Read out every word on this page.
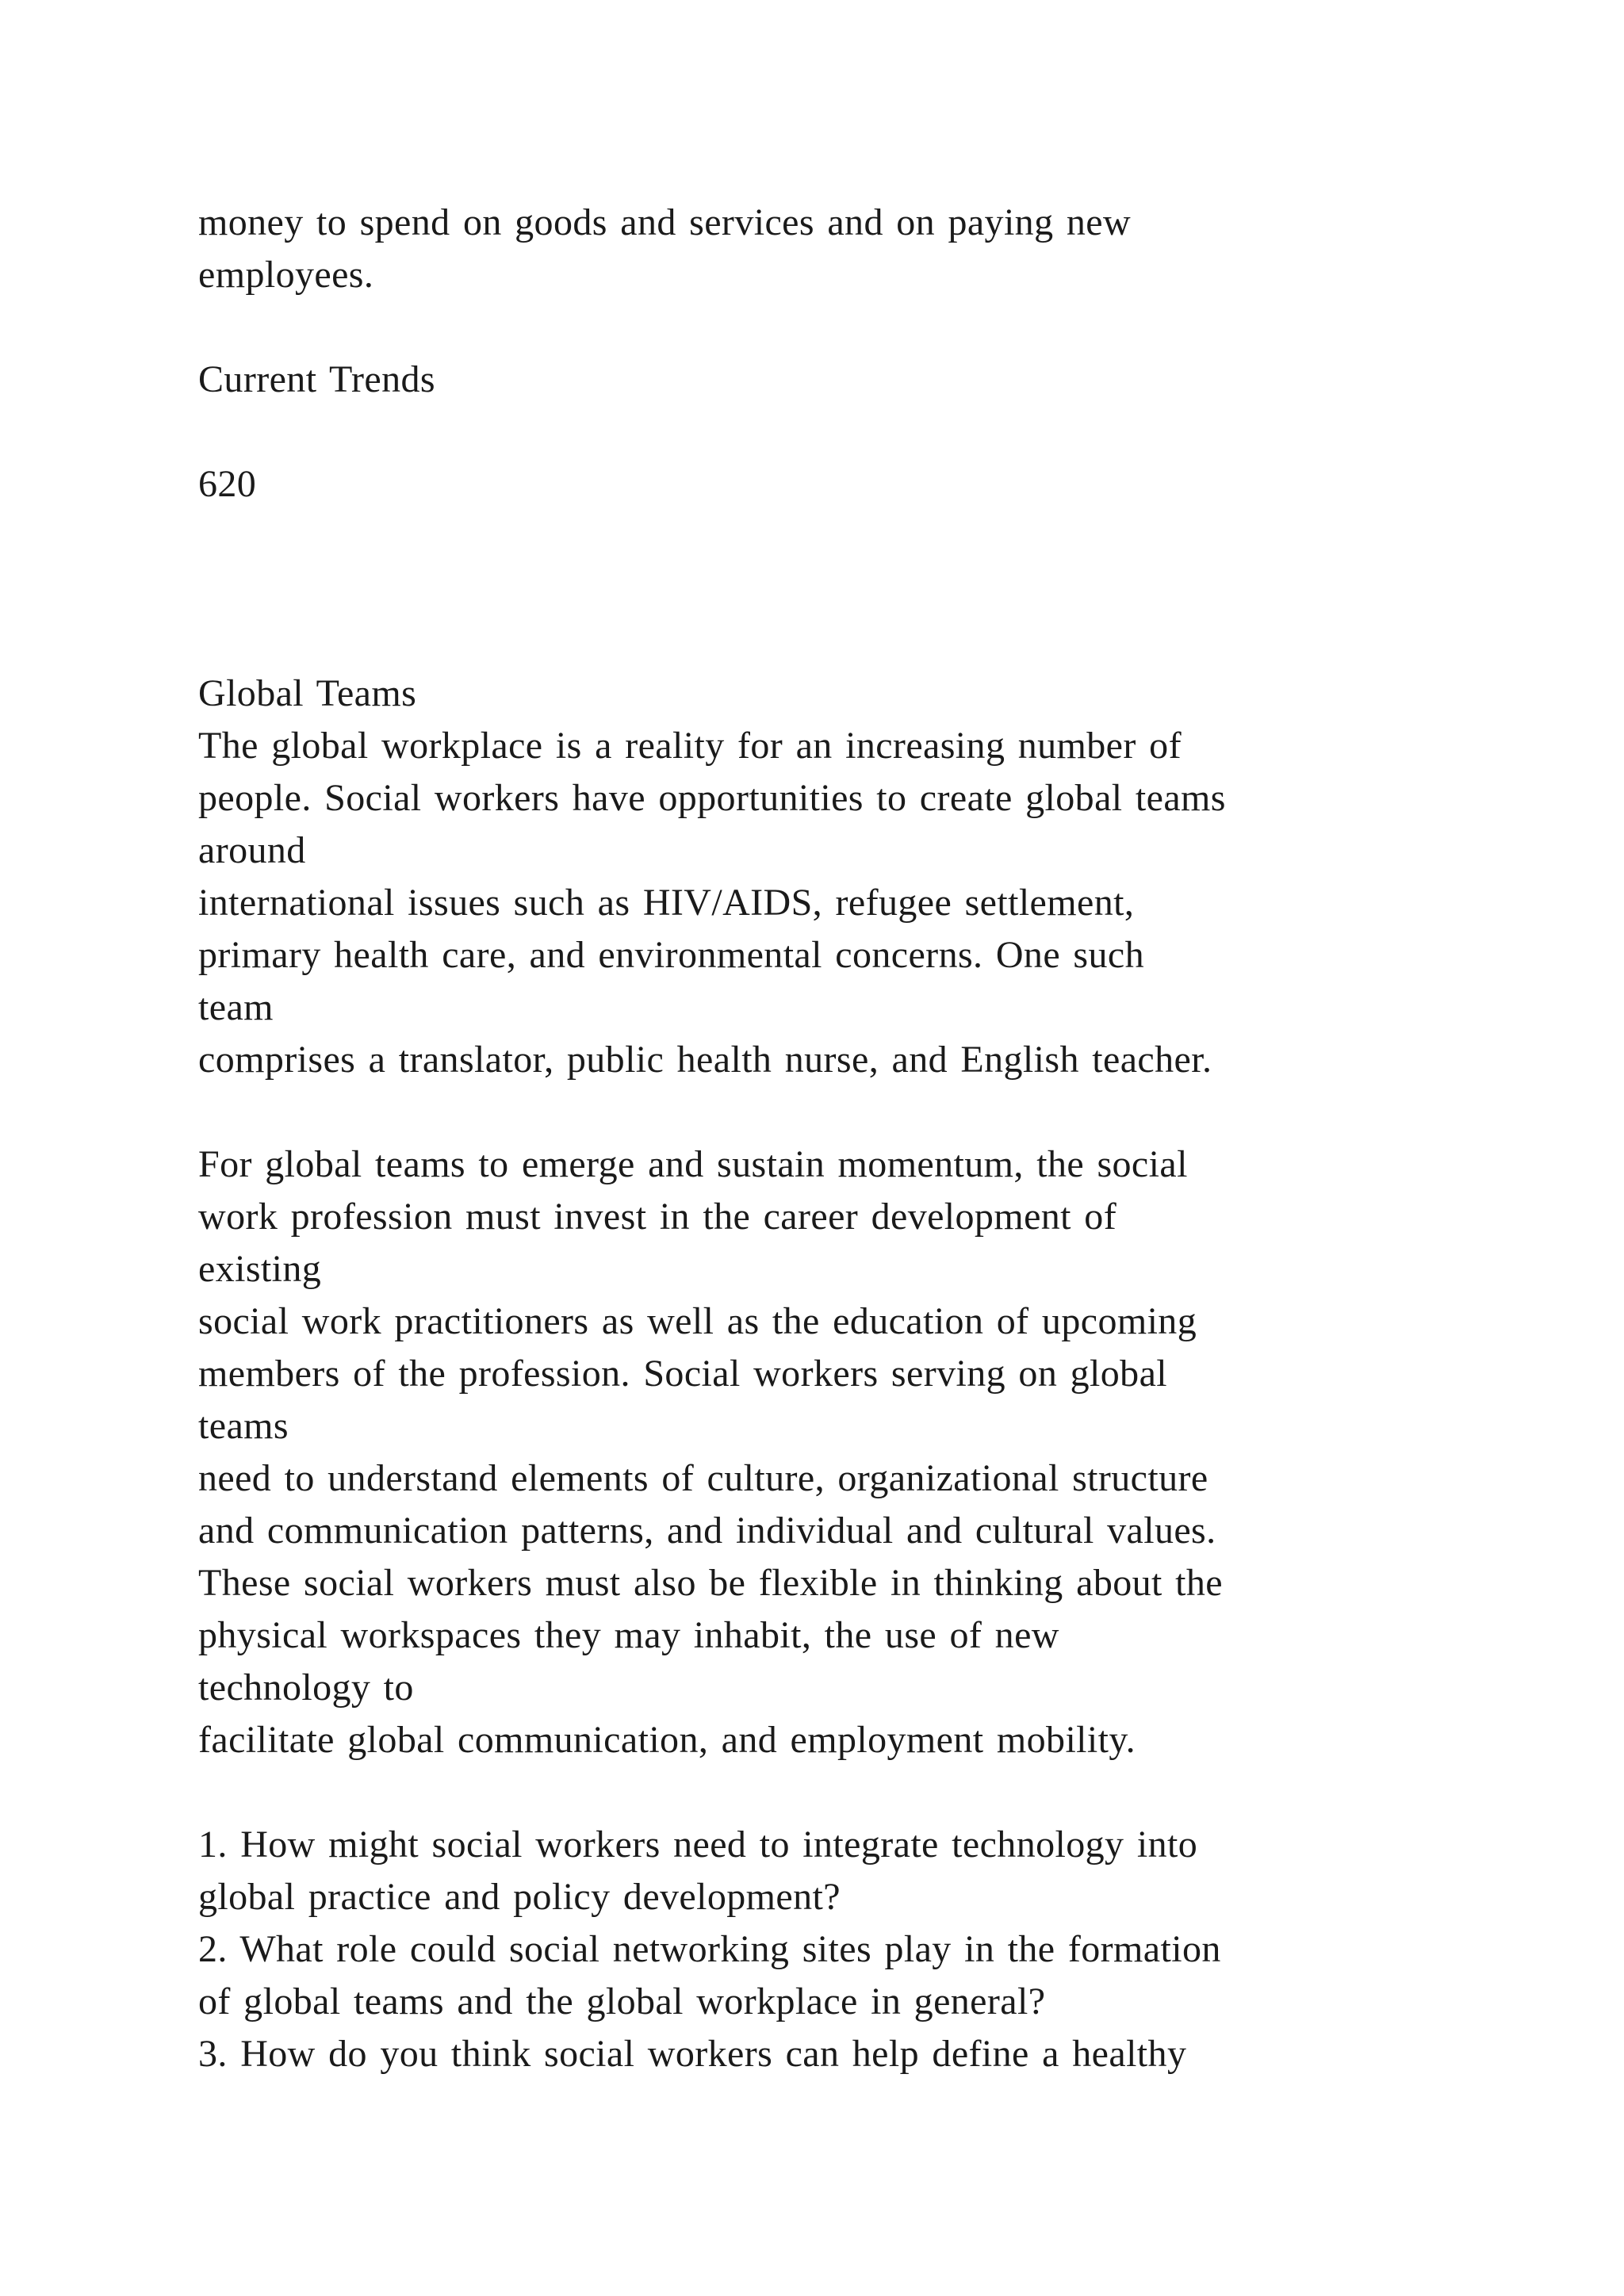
money to spend on goods and services and on paying new

employees.

Current Trends

620

Global Teams

The global workplace is a reality for an increasing number of

people. Social workers have opportunities to create global teams

around

international issues such as HIV/AIDS, refugee settlement,

primary health care, and environmental concerns. One such

team

comprises a translator, public health nurse, and English teacher.

For global teams to emerge and sustain momentum, the social

work profession must invest in the career development of

existing

social work practitioners as well as the education of upcoming

members of the profession. Social workers serving on global

teams

need to understand elements of culture, organizational structure

and communication patterns, and individual and cultural values.

These social workers must also be flexible in thinking about the

physical workspaces they may inhabit, the use of new

technology to

facilitate global communication, and employment mobility.

1. How might social workers need to integrate technology into

global practice and policy development?

2. What role could social networking sites play in the formation

of global teams and the global workplace in general?

3. How do you think social workers can help define a healthy
